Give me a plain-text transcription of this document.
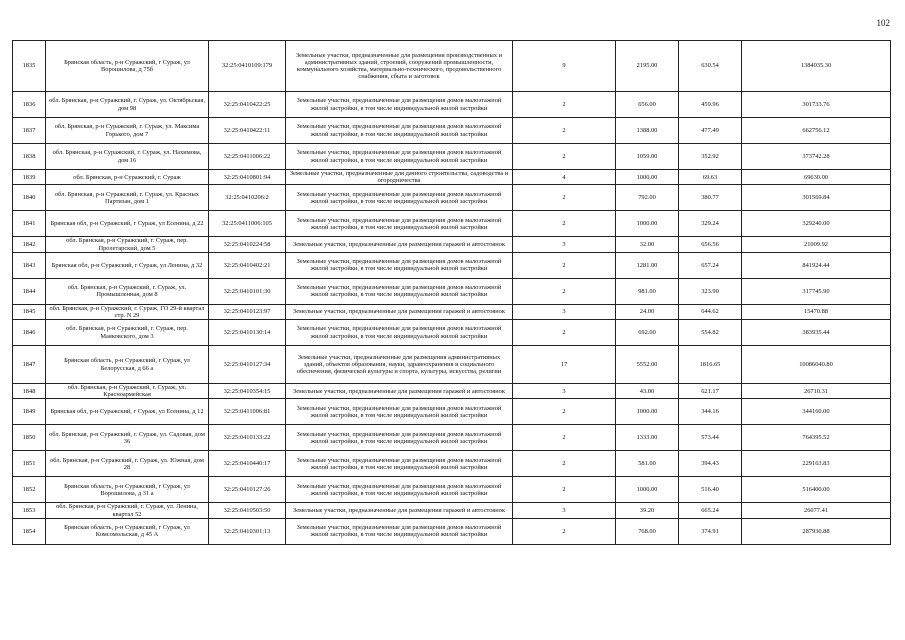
102
1835	Брянская область, р-н Суражский, г Сураж, ул Ворошилова, д 75б	32:25:0410109:179	Земельные участки, предназначенные для размещения производственных и административных зданий, строений, сооружений промышленности, коммунального хозяйства, материально-технического, продовольственного снабжения, сбыта и заготовок	9	2195.00	630.54	1384035.30
1836	обл. Брянская, р-н Суражский, г. Сураж, ул. Октябрьская, дом 98	32:25:0410422:25	Земельные участки, предназначенные для размещения домов малоэтажной жилой застройки, в том числе индивидуальной жилой застройки	2	656.00	459.96	301733.76
1837	обл. Брянская, р-н Суражский, г. Сураж, ул. Максима Горького, дом 7	32:25:0410422:11	Земельные участки, предназначенные для размещения домов малоэтажной жилой застройки, в том числе индивидуальной жилой застройки	2	1388.00	477.49	662756.12
1838	обл. Брянская, р-н Суражский, г. Сураж, ул. Нахимова, дом 16	32:25:0411006:22	Земельные участки, предназначенные для размещения домов малоэтажной жилой застройки, в том числе индивидуальной жилой застройки	2	1059.00	352.92	373742.28
1839	обл. Брянская, р-н Суражский, г. Сураж	32:25:0410801:94	Земельные участки, предназначенные для дачного строительства, садоводства и огородничества	4	1000.00	69.63	69630.00
1840	обл. Брянская, р-н Суражский, г. Сураж, ул. Красных Партизан, дом 1	32:25:0410206:2	Земельные участки, предназначенные для размещения домов малоэтажной жилой застройки, в том числе индивидуальной жилой застройки	2	792.00	380.77	301569.84
1841	Брянская обл, р-н Суражский, г Сураж, ул Есенина, д 22	32:25:0411006:105	Земельные участки, предназначенные для размещения домов малоэтажной жилой застройки, в том числе индивидуальной жилой застройки	2	1000.00	329.24	329240.00
1842	обл. Брянская, р-н Суражский, г. Сураж, пер. Пролетарский, дом 5	32:25:0410224:58	Земельные участки, предназначенные для размещения гаражей и автостоянок	3	32.00	656.56	21009.92
1843	Брянская обл, р-н Суражский, г Сураж, ул Ленина, д 32	32:25:0410402:21	Земельные участки, предназначенные для размещения домов малоэтажной жилой застройки, в том числе индивидуальной жилой застройки	2	1281.00	657.24	841924.44
1844	обл. Брянская, р-н Суражский, г. Сураж, ул. Промышленная, дом 8	32:25:0410101:30	Земельные участки, предназначенные для размещения домов малоэтажной жилой застройки, в том числе индивидуальной жилой застройки	2	981.00	323.90	317745.90
1845	обл. Брянская, р-н Суражский, г. Сураж, ГО 29-й квартал стр. N 29	32:25:0410123:97	Земельные участки, предназначенные для размещения гаражей и автостоянок	3	24.00	644.62	15470.88
1846	обл. Брянская, р-н Суражский, г. Сураж, пер. Маяковского, дом 3	32:25:0410130:14	Земельные участки, предназначенные для размещения домов малоэтажной жилой застройки, в том числе индивидуальной жилой застройки	2	692.00	554.82	383935.44
1847	Брянская область, р-н Суражский, г Сураж, ул Белорусская, д 66 а	32:25:0410127:34	Земельные участки, предназначенные для размещения административных зданий, объектов образования, науки, здравоохранения и социального обеспечения, физической культуры и спорта, культуры, искусства, религии	17	5552.00	1816.65	10086040.80
1848	обл. Брянская, р-н Суражский, г. Сураж, ул. Красноармейская	32:25:0410354:15	Земельные участки, предназначенные для размещения гаражей и автостоянок	3	43.00	621.17	26710.31
1849	Брянская обл, р-н Суражский, г Сураж, ул Есенина, д 12	32:25:0411006:81	Земельные участки, предназначенные для размещения домов малоэтажной жилой застройки, в том числе индивидуальной жилой застройки	2	1000.00	344.16	344160.00
1850	обл. Брянская, р-н Суражский, г. Сураж, ул. Садовая, дом 36	32:25:0410133:22	Земельные участки, предназначенные для размещения домов малоэтажной жилой застройки, в том числе индивидуальной жилой застройки	2	1333.00	573.44	764395.52
1851	обл. Брянская, р-н Суражский, г. Сураж, ул. Южная, дом 28	32:25:0410440:17	Земельные участки, предназначенные для размещения домов малоэтажной жилой застройки, в том числе индивидуальной жилой застройки	2	581.00	394.43	229163.83
1852	Брянская область, р-н Суражский, г Сураж, ул Ворошилова, д 31 а	32:25:0410127:26	Земельные участки, предназначенные для размещения домов малоэтажной жилой застройки, в том числе индивидуальной жилой застройки	2	1000.00	516.40	516400.00
1853	обл. Брянская, р-н Суражский, г. Сураж, ул. Ленина, квартал 52	32:25:0410503:50	Земельные участки, предназначенные для размещения гаражей и автостоянок	3	39.20	665.24	26077.41
1854	Брянская область, р-н Суражский, г Сураж, ул Комсомольская, д 45 А	32:25:0410301:13	Земельные участки, предназначенные для размещения домов малоэтажной жилой застройки, в том числе индивидуальной жилой застройки	2	768.00	374.91	287930.88
